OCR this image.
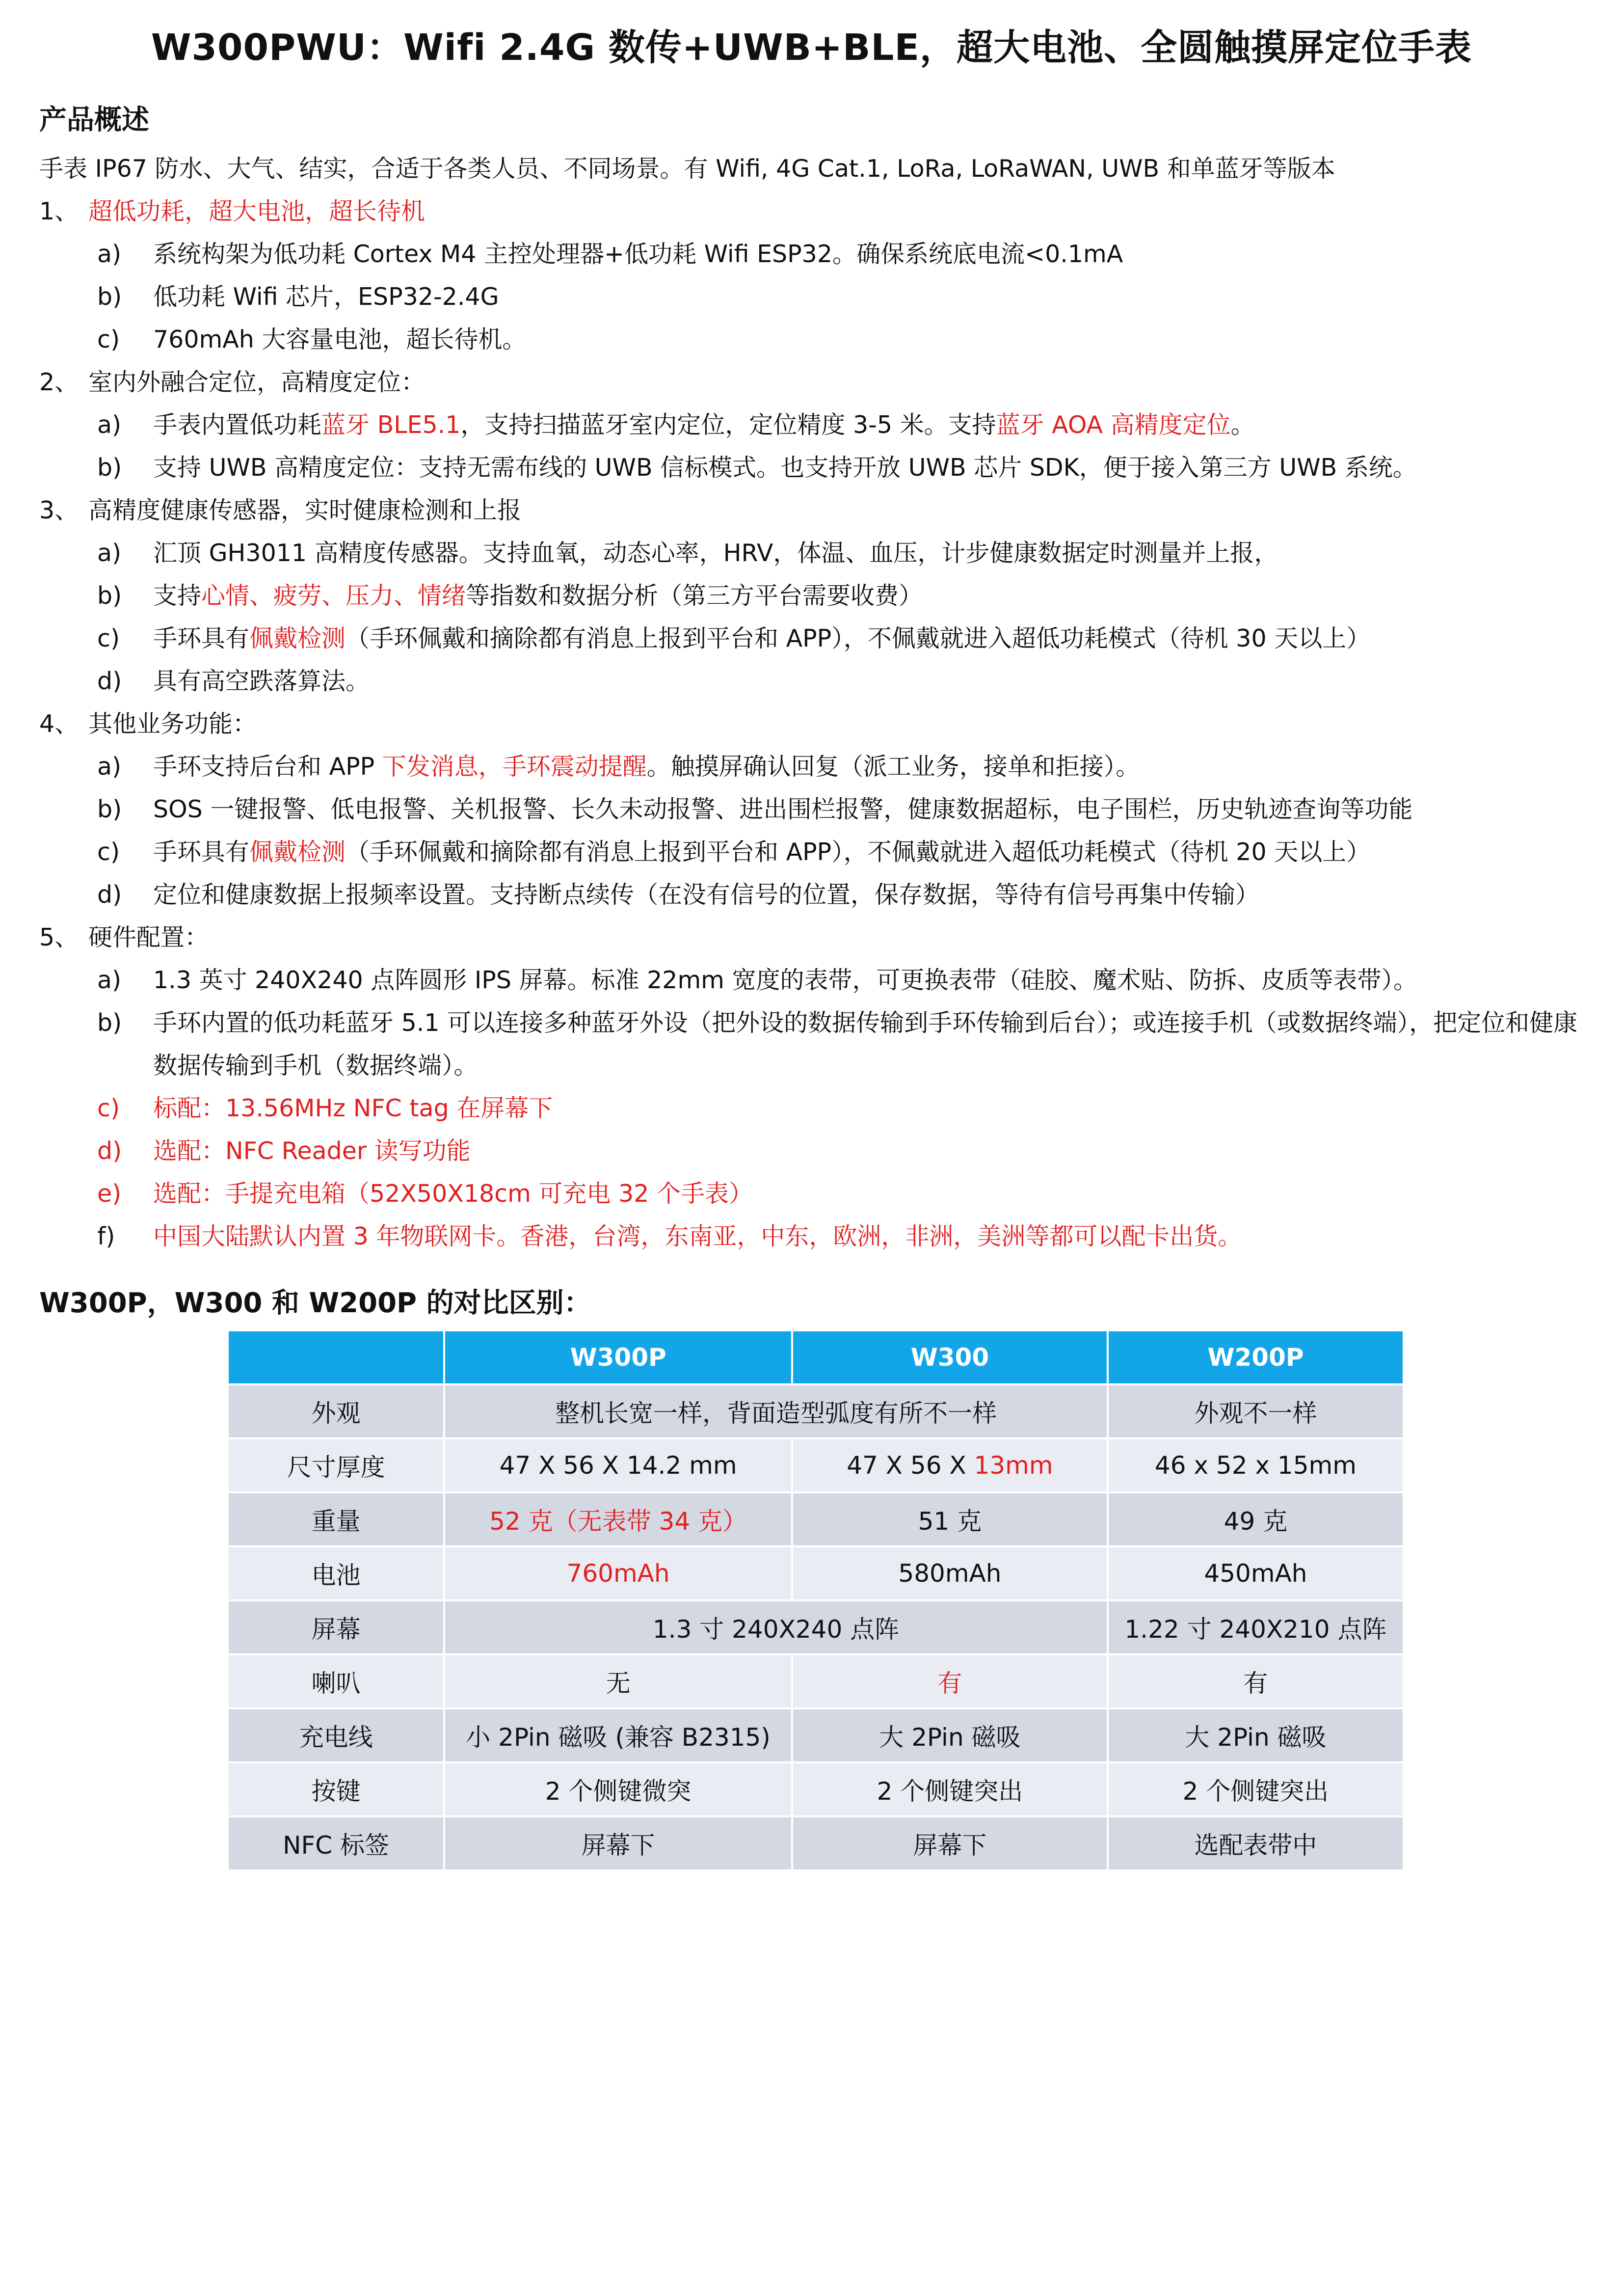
W300PWU：Wifi 2.4G 数传+UWB+BLE，超大电池、全圆触摸屏定位手表
产品概述
手表 IP67 防水、大气、结实，合适于各类人员、不同场景。有 Wifi, 4G Cat.1, LoRa, LoRaWAN, UWB 和单蓝牙等版本
1、 超低功耗，超大电池，超长待机
a) 系统构架为低功耗 Cortex M4 主控处理器+低功耗 Wifi ESP32。确保系统底电流<0.1mA
b) 低功耗 Wifi 芯片，ESP32-2.4G
c) 760mAh 大容量电池，超长待机。
2、 室内外融合定位，高精度定位：
a) 手表内置低功耗蓝牙 BLE5.1，支持扫描蓝牙室内定位，定位精度 3-5 米。支持蓝牙 AOA 高精度定位。
b) 支持 UWB 高精度定位：支持无需布线的 UWB 信标模式。也支持开放 UWB 芯片 SDK，便于接入第三方 UWB 系统。
3、 高精度健康传感器，实时健康检测和上报
a) 汇顶 GH3011 高精度传感器。支持血氧，动态心率，HRV，体温、血压，计步健康数据定时测量并上报，
b) 支持心情、疲劳、压力、情绪等指数和数据分析（第三方平台需要收费）
c) 手环具有佩戴检测（手环佩戴和摘除都有消息上报到平台和 APP），不佩戴就进入超低功耗模式（待机 30 天以上）
d) 具有高空跌落算法。
4、 其他业务功能：
a) 手环支持后台和 APP 下发消息，手环震动提醒。触摸屏确认回复（派工业务，接单和拒接）。
b) SOS 一键报警、低电报警、关机报警、长久未动报警、进出围栏报警，健康数据超标，电子围栏，历史轨迹查询等功能
c) 手环具有佩戴检测（手环佩戴和摘除都有消息上报到平台和 APP），不佩戴就进入超低功耗模式（待机 20 天以上）
d) 定位和健康数据上报频率设置。支持断点续传（在没有信号的位置，保存数据，等待有信号再集中传输）
5、 硬件配置：
a) 1.3 英寸 240X240 点阵圆形 IPS 屏幕。标准 22mm 宽度的表带，可更换表带（硅胶、魔术贴、防拆、皮质等表带）。
b) 手环内置的低功耗蓝牙 5.1 可以连接多种蓝牙外设（把外设的数据传输到手环传输到后台）；或连接手机（或数据终端），把定位和健康数据传输到手机（数据终端）。
c) 标配：13.56MHz NFC tag 在屏幕下
d) 选配：NFC Reader 读写功能
e) 选配：手提充电箱（52X50X18cm 可充电 32 个手表）
f) 中国大陆默认内置 3 年物联网卡。香港，台湾，东南亚，中东，欧洲，非洲，美洲等都可以配卡出货。
W300P，W300 和 W200P 的对比区别：
	W300P	W300	W200P
外观	整机长宽一样，背面造型弧度有所不一样		外观不一样
尺寸厚度	47 X 56 X 14.2 mm	47 X 56 X 13mm	46 x 52 x 15mm
重量	52 克（无表带 34 克）	51 克	49 克
电池	760mAh	580mAh	450mAh
屏幕	1.3 寸 240X240 点阵		1.22 寸 240X210 点阵
喇叭	无	有	有
充电线	小 2Pin 磁吸 (兼容 B2315)	大 2Pin 磁吸	大 2Pin 磁吸
按键	2 个侧键微突	2 个侧键突出	2 个侧键突出
NFC 标签	屏幕下	屏幕下	选配表带中
